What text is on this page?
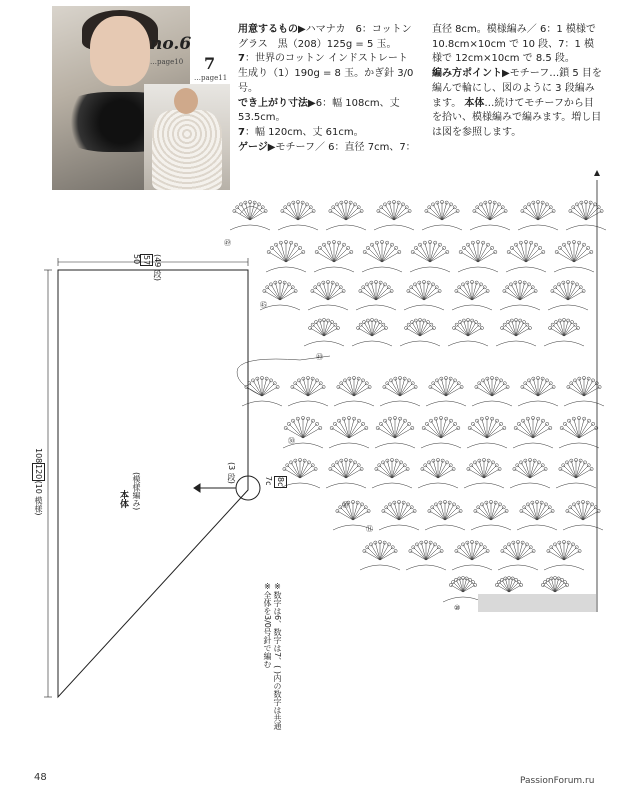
no.6
…page10 7
…page11
用意するもの▶ハマナカ　6：コットングラス　黒（208）125g = 5 玉。
7：世界のコットン インドストレート　生成り（1）190g = 8 玉。かぎ針 3/0 号。
でき上がり寸法▶6：幅 108cm、丈 53.5cm。
7：幅 120cm、丈 61cm。
ゲージ▶モチーフ／ 6：直径 7cm、7：
直径 8cm。模様編み／ 6：1 模様で 10.8cm×10cm で 10 段、7：1 模様で 12cm×10cm で 8.5 段。
編み方ポイント▶モチーフ…鎖 5 目を編んで輪にし、図のように 3 段編みます。 本体…続けてモチーフから目を拾い、模様編みで編みます。増し目は図を参照します。
50 57 (49 段)
108120(10 模様)	本体 (模様編み)	(3 段)	7c 8c
㊾
㊺
㊵
㉚
⑳
⑪
⑩
※全体を3/0号針で編む ※数字は6、数字は7、( )内の数字は共通
48	PassionForum.ru
